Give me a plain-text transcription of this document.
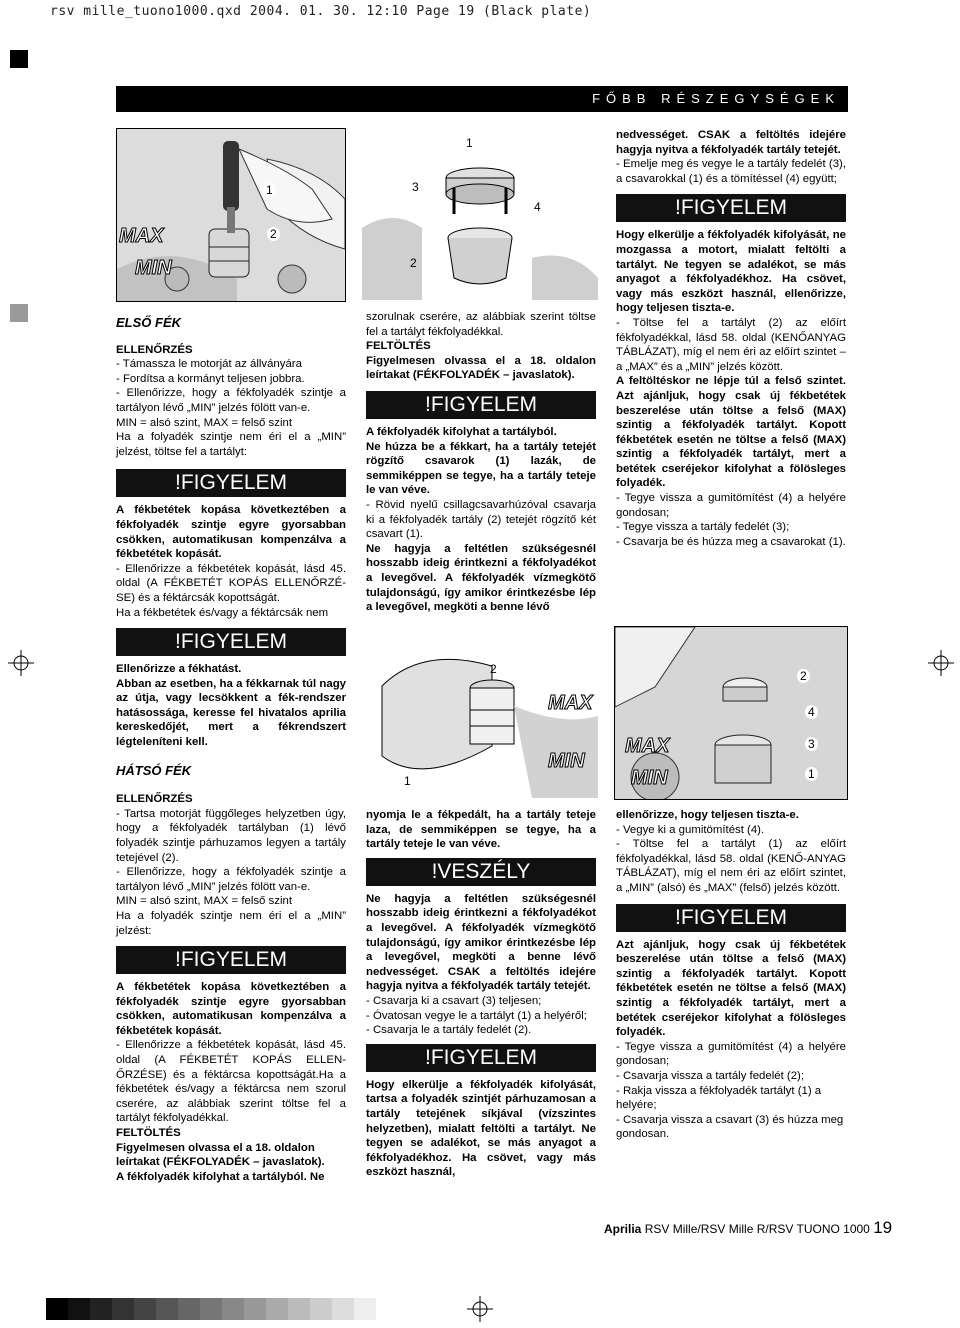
rsv mille_tuono1000.qxd 2004. 01. 30. 12:10 Page 19 (Black plate)
FŐBB RÉSZEGYSÉGEK
MAX
MIN
1
2
1
3
4
2
MAX
MIN
2
1
MAX
MIN
2
4
3
1
ELSŐ FÉK

ELLENŐRZÉS

- Támassza le motorját az állványára

- Fordítsa a kormányt teljesen jobbra.

- Ellenőrizze, hogy a fékfolyadék szintje a tartályon lévő „MIN” jelzés fölött van-e.

MIN = alsó szint, MAX = felső szint

Ha a folyadék szintje nem éri el a „MIN” jelzést, töltse fel a tartályt:

!FIGYELEM

A fékbetétek kopása következtében a fékfolyadék szintje egyre gyorsabban csökken, automatikusan kompenzálva a fékbetétek kopását.

- Ellenőrizze a fékbetétek kopását, lásd 45. oldal (A FÉKBETÉT KOPÁS ELLENŐRZÉ-SE) és a féktárcsák kopottságát.

Ha a fékbetétek és/vagy a féktárcsák nem

!FIGYELEM

Ellenőrizze a fékhatást.

Abban az esetben, ha a fékkarnak túl nagy az útja, vagy lecsökkent a fék-rendszer hatásossága, keresse fel hivatalos aprilia kereskedőjét, mert a fékrendszert légteleníteni kell.

HÁTSÓ FÉK

ELLENŐRZÉS

- Tartsa motorját függőleges helyzetben úgy, hogy a fékfolyadék tartályban (1) lévő folyadék szintje párhuzamos legyen a tartály tetejével (2).

- Ellenőrizze, hogy a fékfolyadék szintje a tartályon lévő „MIN” jelzés fölött van-e.

MIN = alsó szint, MAX = felső szint

Ha a folyadék szintje nem éri el a „MIN” jelzést:

!FIGYELEM

A fékbetétek kopása következtében a fékfolyadék szintje egyre gyorsabban csökken, automatikusan kompenzálva a fékbetétek kopását.

- Ellenőrizze a fékbetétek kopását, lásd 45. oldal (A FÉKBETÉT KOPÁS ELLEN-ŐRZÉSE) és a féktárcsa kopottságát.Ha a fékbetétek és/vagy a féktárcsa nem szorul cserére, az alábbiak szerint töltse fel a tartályt fékfolyadékkal.

FELTÖLTÉS

Figyelmesen olvassa el a 18. oldalon leírtakat (FÉKFOLYADÉK – javaslatok).

A fékfolyadék kifolyhat a tartályból. Ne

szorulnak cserére, az alábbiak szerint töltse fel a tartályt fékfolyadékkal.

FELTÖLTÉS

Figyelmesen olvassa el a 18. oldalon leírtakat (FÉKFOLYADÉK – javaslatok).

!FIGYELEM

A fékfolyadék kifolyhat a tartályból.

Ne húzza be a fékkart, ha a tartály tetejét rögzítő csavarok (1) lazák, de semmiképpen se tegye, ha a tartály teteje le van véve.

- Rövid nyelű csillagcsavarhúzóval csavarja ki a fékfolyadék tartály (2) tetejét rögzítő két csavart (1).

Ne hagyja a feltétlen szükségesnél hosszabb ideig érintkezni a fékfolyadékot a levegővel. A fékfolyadék vízmegkötő tulajdonságú, így amikor érintkezésbe lép a levegővel, megköti a benne lévő

nyomja le a fékpedált, ha a tartály teteje laza, de semmiképpen se tegye, ha a tartály teteje le van véve.

!VESZÉLY

Ne hagyja a feltétlen szükségesnél hosszabb ideig érintkezni a fékfolyadékot a levegővel. A fékfolyadék vízmegkötő tulajdonságú, így amikor érintkezésbe lép a levegővel, megköti a benne lévő nedvességet. CSAK a feltöltés idejére hagyja nyitva a fékfolyadék tartály tetejét.

- Csavarja ki a csavart (3) teljesen;

- Óvatosan vegye le a tartályt (1) a helyéről;

- Csavarja le a tartály fedelét (2).

!FIGYELEM

Hogy elkerülje a fékfolyadék kifolyását, tartsa a folyadék szintjét párhuzamosan a tartály tetejének síkjával (vízszintes helyzetben), mialatt feltölti a tartályt. Ne tegyen se adalékot, se más anyagot a fékfolyadékhoz. Ha csövet, vagy más eszközt használ,

nedvességet. CSAK a feltöltés idejére hagyja nyitva a fékfolyadék tartály tetejét.

- Emelje meg és vegye le a tartály fedelét (3), a csavarokkal (1) és a tömítéssel (4) együtt;

!FIGYELEM

Hogy elkerülje a fékfolyadék kifolyását, ne mozgassa a motort, mialatt feltölti a tartályt. Ne tegyen se adalékot, se más anyagot a fékfolyadékhoz. Ha csövet, vagy más eszközt használ, ellenőrizze, hogy teljesen tiszta-e.

- Töltse fel a tartályt (2) az előírt fékfolyadékkal, lásd 58. oldal (KENŐANYAG TÁBLÁZAT), míg el nem éri az előírt szintet – a „MAX” és a „MIN” jelzés között.

A feltöltéskor ne lépje túl a felső szintet. Azt ajánljuk, hogy csak új fékbetétek beszerelése után töltse a felső (MAX) szintig a fékfolyadék tartályt. Kopott fékbetétek esetén ne töltse a felső (MAX) szintig a fékfolyadék tartályt, mert a betétek cseréjekor kifolyhat a fölösleges folyadék.

- Tegye vissza a gumitömítést (4) a helyére gondosan;

- Tegye vissza a tartály fedelét (3);

- Csavarja be és húzza meg a csavarokat (1).

ellenőrizze, hogy teljesen tiszta-e.

- Vegye ki a gumitömítést (4).

- Töltse fel a tartályt (1) az előírt fékfolyadékkal, lásd 58. oldal (KENŐ-ANYAG TÁBLÁZAT), míg el nem éri az előírt szintet, a „MIN” (alsó) és „MAX” (felső) jelzés között.

!FIGYELEM

Azt ajánljuk, hogy csak új fékbetétek beszerelése után töltse a felső (MAX) szintig a fékfolyadék tartályt. Kopott fékbetétek esetén ne töltse a felső (MAX) szintig a fékfolyadék tartályt, mert a betétek cseréjekor kifolyhat a fölösleges folyadék.

- Tegye vissza a gumitömítést (4) a helyére gondosan;

- Csavarja vissza a tartály fedelét (2);

- Rakja vissza a fékfolyadék tartályt (1) a helyére;

- Csavarja vissza a csavart (3) és húzza meg gondosan.

Aprilia RSV Mille/RSV Mille R/RSV TUONO 1000 19
